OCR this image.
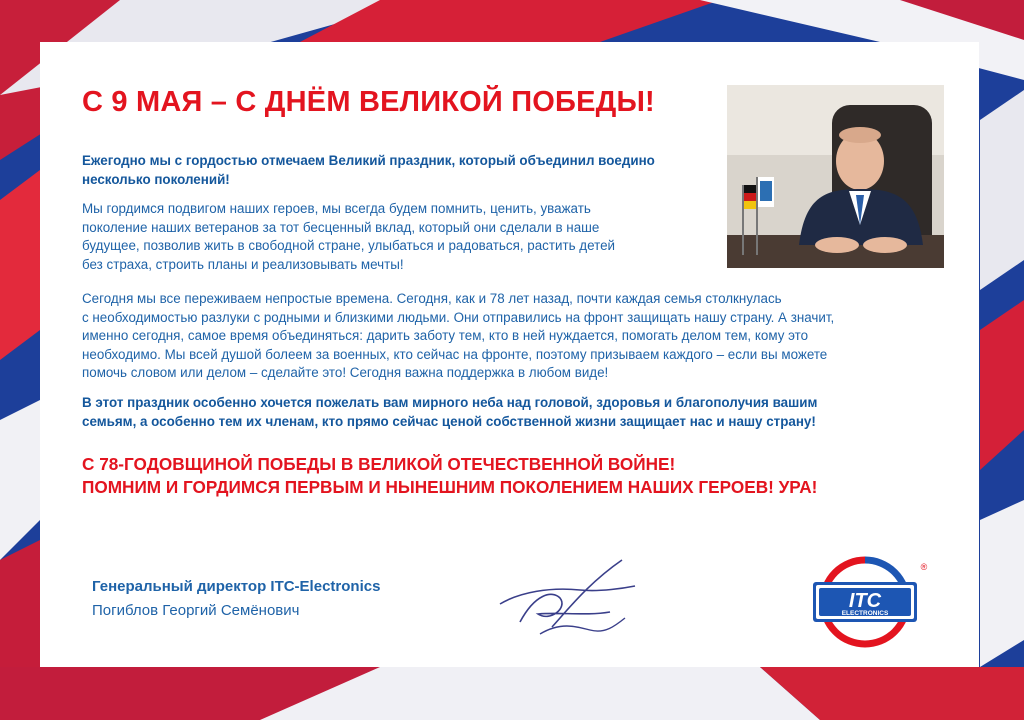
С 9 МАЯ – С ДНЁМ ВЕЛИКОЙ ПОБЕДЫ!

Ежегодно мы с гордостью отмечаем Великий праздник, который объединил воедино
несколько поколений!

Мы гордимся подвигом наших героев, мы всегда будем помнить, ценить, уважать
поколение наших ветеранов за тот бесценный вклад, который они сделали в наше
будущее, позволив жить в свободной стране, улыбаться и радоваться, растить детей
без страха, строить планы и реализовывать мечты!

Сегодня мы все переживаем непростые времена. Сегодня, как и 78 лет назад, почти каждая семья столкнулась
с необходимостью разлуки с родными и близкими людьми. Они отправились на фронт защищать нашу страну. А значит,
именно сегодня, самое время объединяться: дарить заботу тем, кто в ней нуждается, помогать делом тем, кому это
необходимо. Мы всей душой болеем за военных, кто сейчас на фронте, поэтому призываем каждого – если вы можете
помочь словом или делом – сделайте это! Сегодня важна поддержка в любом виде!

В этот праздник особенно хочется пожелать вам мирного неба над головой, здоровья и благополучия вашим
семьям, а особенно тем их членам, кто прямо сейчас ценой собственной жизни защищает нас и нашу страну!

С 78-ГОДОВЩИНОЙ ПОБЕДЫ В ВЕЛИКОЙ ОТЕЧЕСТВЕННОЙ ВОЙНЕ!
ПОМНИМ И ГОРДИМСЯ ПЕРВЫМ И НЫНЕШНИМ ПОКОЛЕНИЕМ НАШИХ ГЕРОЕВ! УРА!

Генеральный директор ITC-Electronics
Погиблов Георгий Семёнович	ITC
ELECTRONICS
®
